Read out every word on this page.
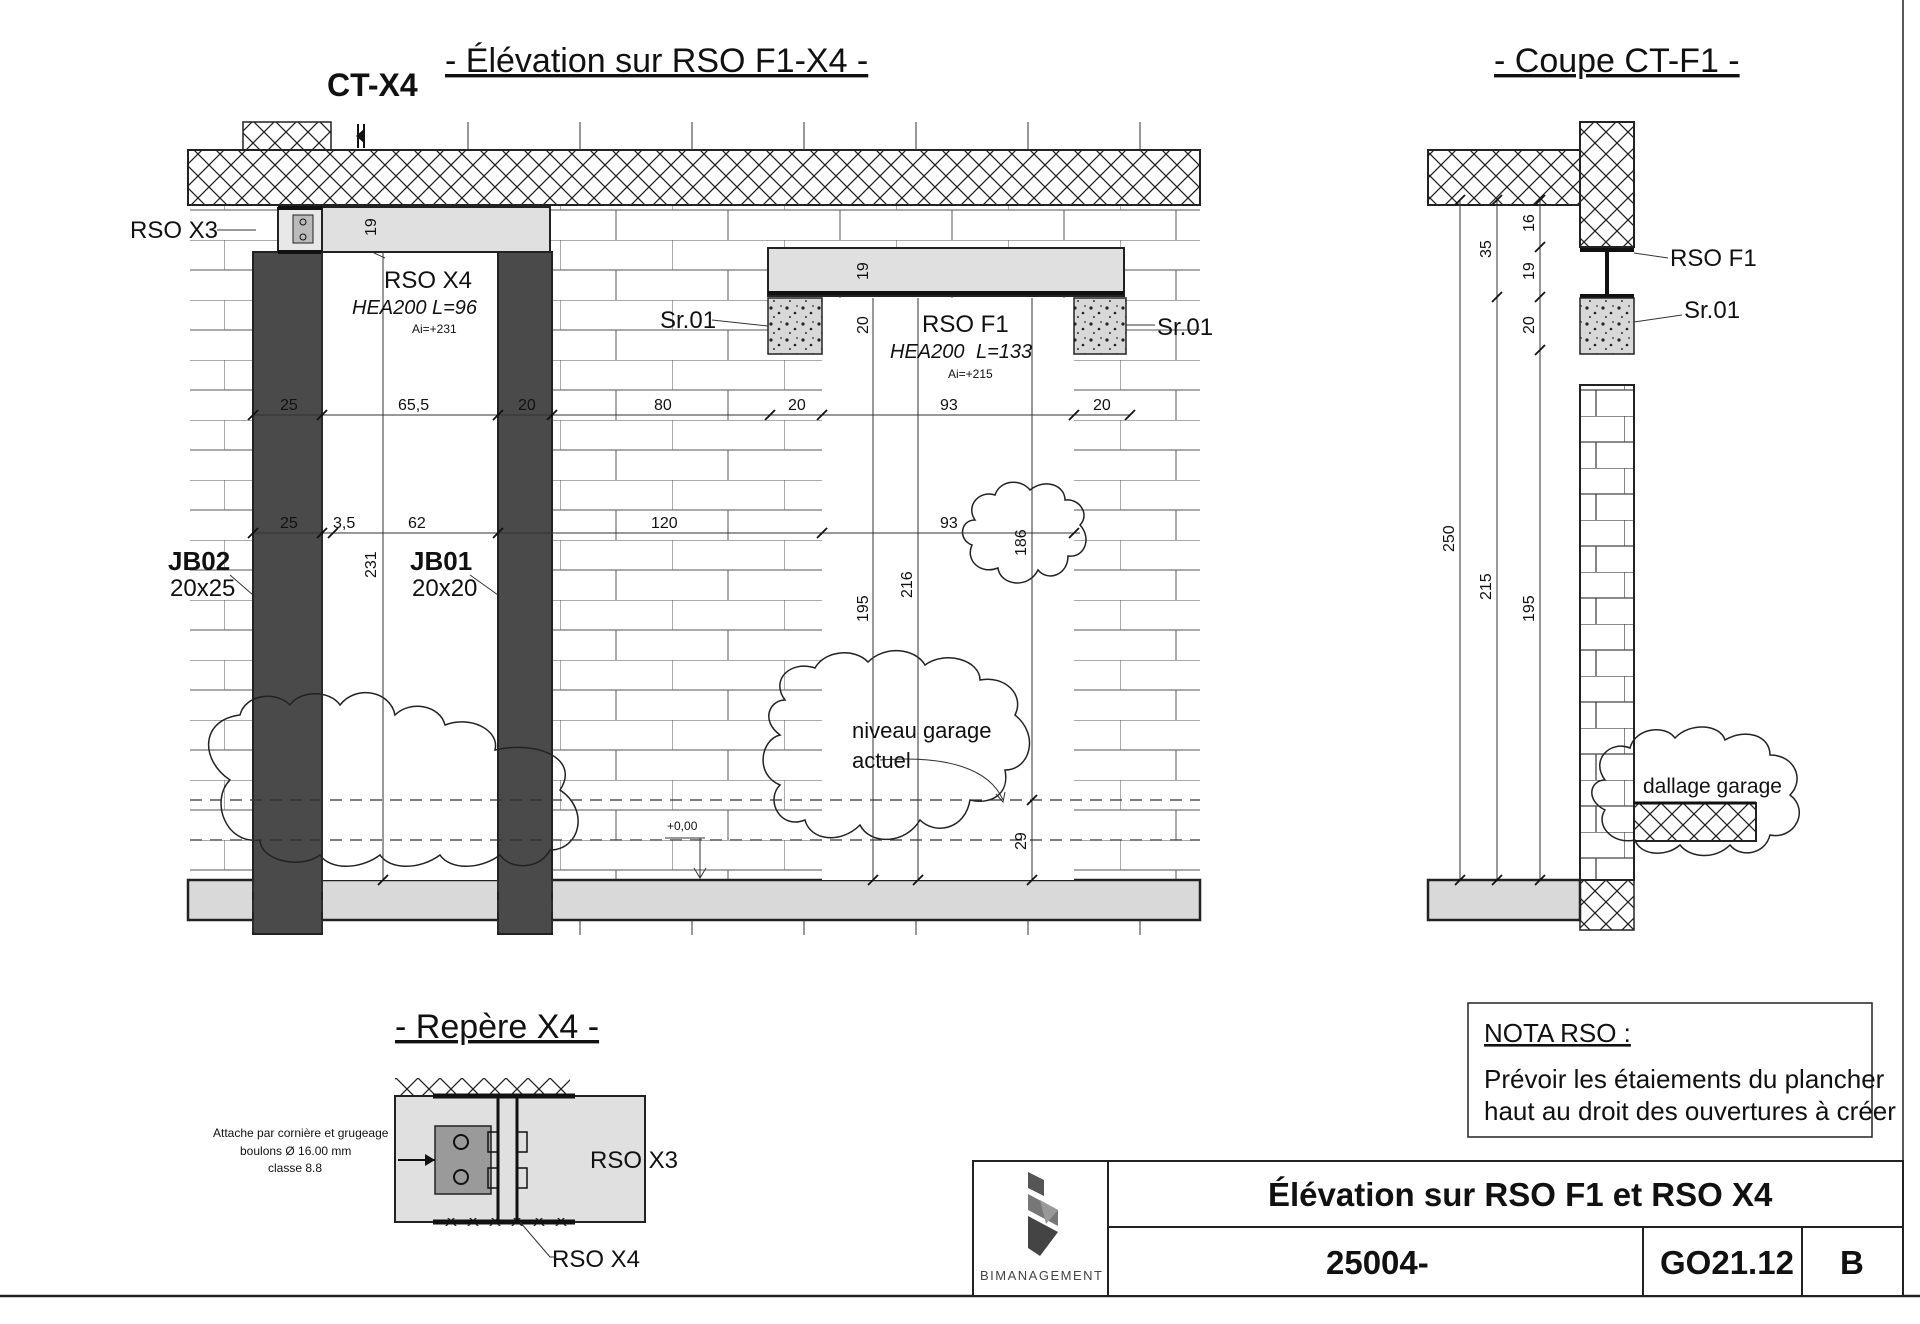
- Élévation sur RSO F1-X4 -
CT-X4
RSO X3
RSO X4
HEA200 L=96
Ai=+231	RSO F1
HEA200 L=133
Ai=+215
Sr.01	Sr.01
JB02
20x25
JB01
20x20
+0,00
niveau garage
actuel
25	65,5	20	80	20	93	20
25 3,5	62	120	93
19
19
20
231
195
216
186
29
- Coupe CT-F1 -
RSO F1
Sr.01
dallage garage
16
35
19
20
250
215
195
- Repère X4 -
Attache par cornière et grugeage
boulons Ø 16.00 mm
classe 8.8	RSO X3
RSO X4
NOTA RSO :
Prévoir les étaiements du plancher
haut au droit des ouvertures à créer
BIMANAGEMENT
Élévation sur RSO F1 et RSO X4
25004-	GO21.12 B
